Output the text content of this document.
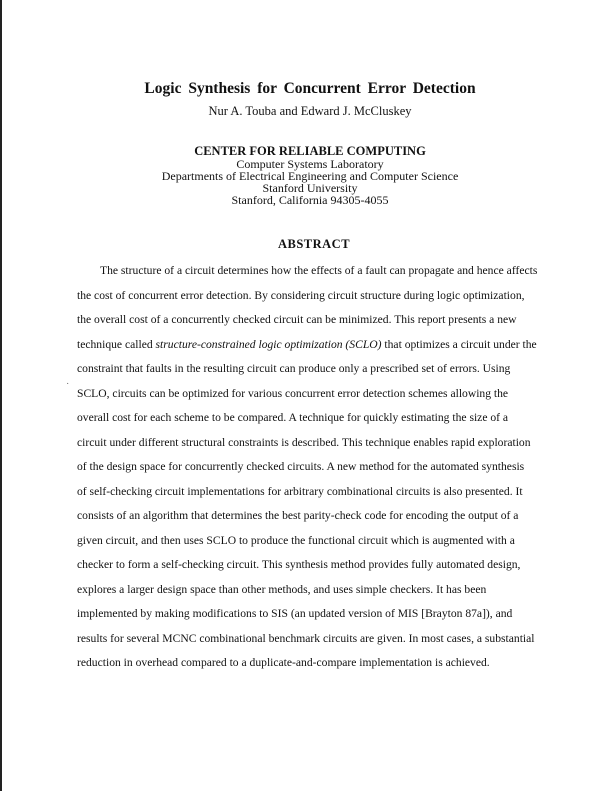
Logic Synthesis for Concurrent Error Detection
Nur A. Touba and Edward J. McCluskey
CENTER FOR RELIABLE COMPUTING
Computer Systems Laboratory
Departments of Electrical Engineering and Computer Science
Stanford University
Stanford, California 94305-4055
ABSTRACT
The structure of a circuit determines how the effects of a fault can propagate and hence affects
the cost of concurrent error detection. By considering circuit structure during logic optimization,
the overall cost of a concurrently checked circuit can be minimized. This report presents a new
technique called structure-constrained logic optimization (SCLO) that optimizes a circuit under the
constraint that faults in the resulting circuit can produce only a prescribed set of errors. Using
SCLO, circuits can be optimized for various concurrent error detection schemes allowing the
overall cost for each scheme to be compared. A technique for quickly estimating the size of a
circuit under different structural constraints is described. This technique enables rapid exploration
of the design space for concurrently checked circuits. A new method for the automated synthesis
of self-checking circuit implementations for arbitrary combinational circuits is also presented. It
consists of an algorithm that determines the best parity-check code for encoding the output of a
given circuit, and then uses SCLO to produce the functional circuit which is augmented with a
checker to form a self-checking circuit. This synthesis method provides fully automated design,
explores a larger design space than other methods, and uses simple checkers. It has been
implemented by making modifications to SIS (an updated version of MIS [Brayton 87a]), and
results for several MCNC combinational benchmark circuits are given. In most cases, a substantial
reduction in overhead compared to a duplicate-and-compare implementation is achieved.
˙
